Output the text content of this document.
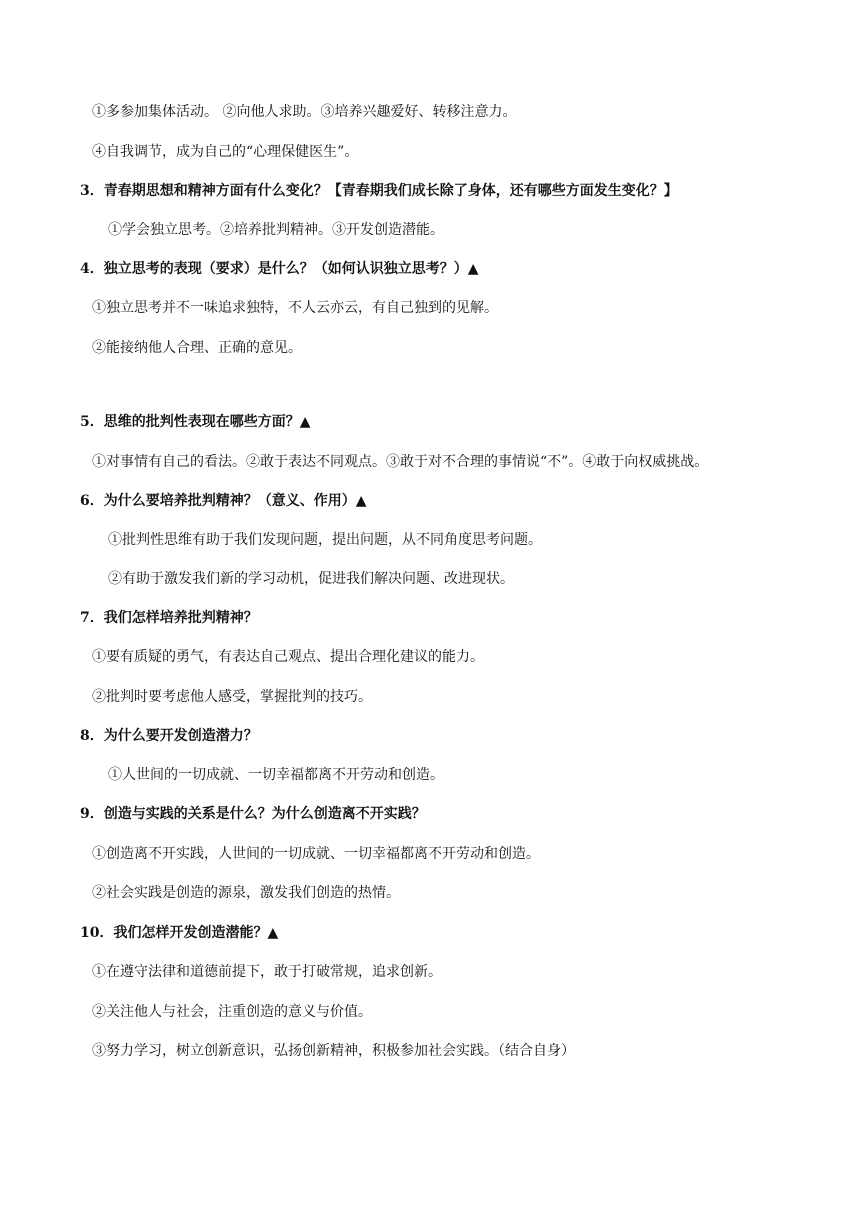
①多参加集体活动。 ②向他人求助。③培养兴趣爱好、转移注意力。
④自我调节，成为自己的“心理保健医生”。
3．青春期思想和精神方面有什么变化？【青春期我们成长除了身体，还有哪些方面发生变化？】
①学会独立思考。②培养批判精神。③开发创造潜能。
4．独立思考的表现（要求）是什么？（如何认识独立思考？）▲
①独立思考并不一味追求独特，不人云亦云，有自己独到的见解。
②能接纳他人合理、正确的意见。
5．思维的批判性表现在哪些方面？▲
①对事情有自己的看法。②敢于表达不同观点。③敢于对不合理的事情说“不”。④敢于向权威挑战。
6．为什么要培养批判精神？（意义、作用）▲
①批判性思维有助于我们发现问题，提出问题，从不同角度思考问题。
②有助于激发我们新的学习动机，促进我们解决问题、改进现状。
7．我们怎样培养批判精神？
①要有质疑的勇气，有表达自己观点、提出合理化建议的能力。
②批判时要考虑他人感受，掌握批判的技巧。
8．为什么要开发创造潜力？
①人世间的一切成就、一切幸福都离不开劳动和创造。
9．创造与实践的关系是什么？为什么创造离不开实践？
①创造离不开实践，人世间的一切成就、一切幸福都离不开劳动和创造。
②社会实践是创造的源泉，激发我们创造的热情。
10．我们怎样开发创造潜能？▲
①在遵守法律和道德前提下，敢于打破常规，追求创新。
②关注他人与社会，注重创造的意义与价值。
③努力学习，树立创新意识，弘扬创新精神，积极参加社会实践。（结合自身）
